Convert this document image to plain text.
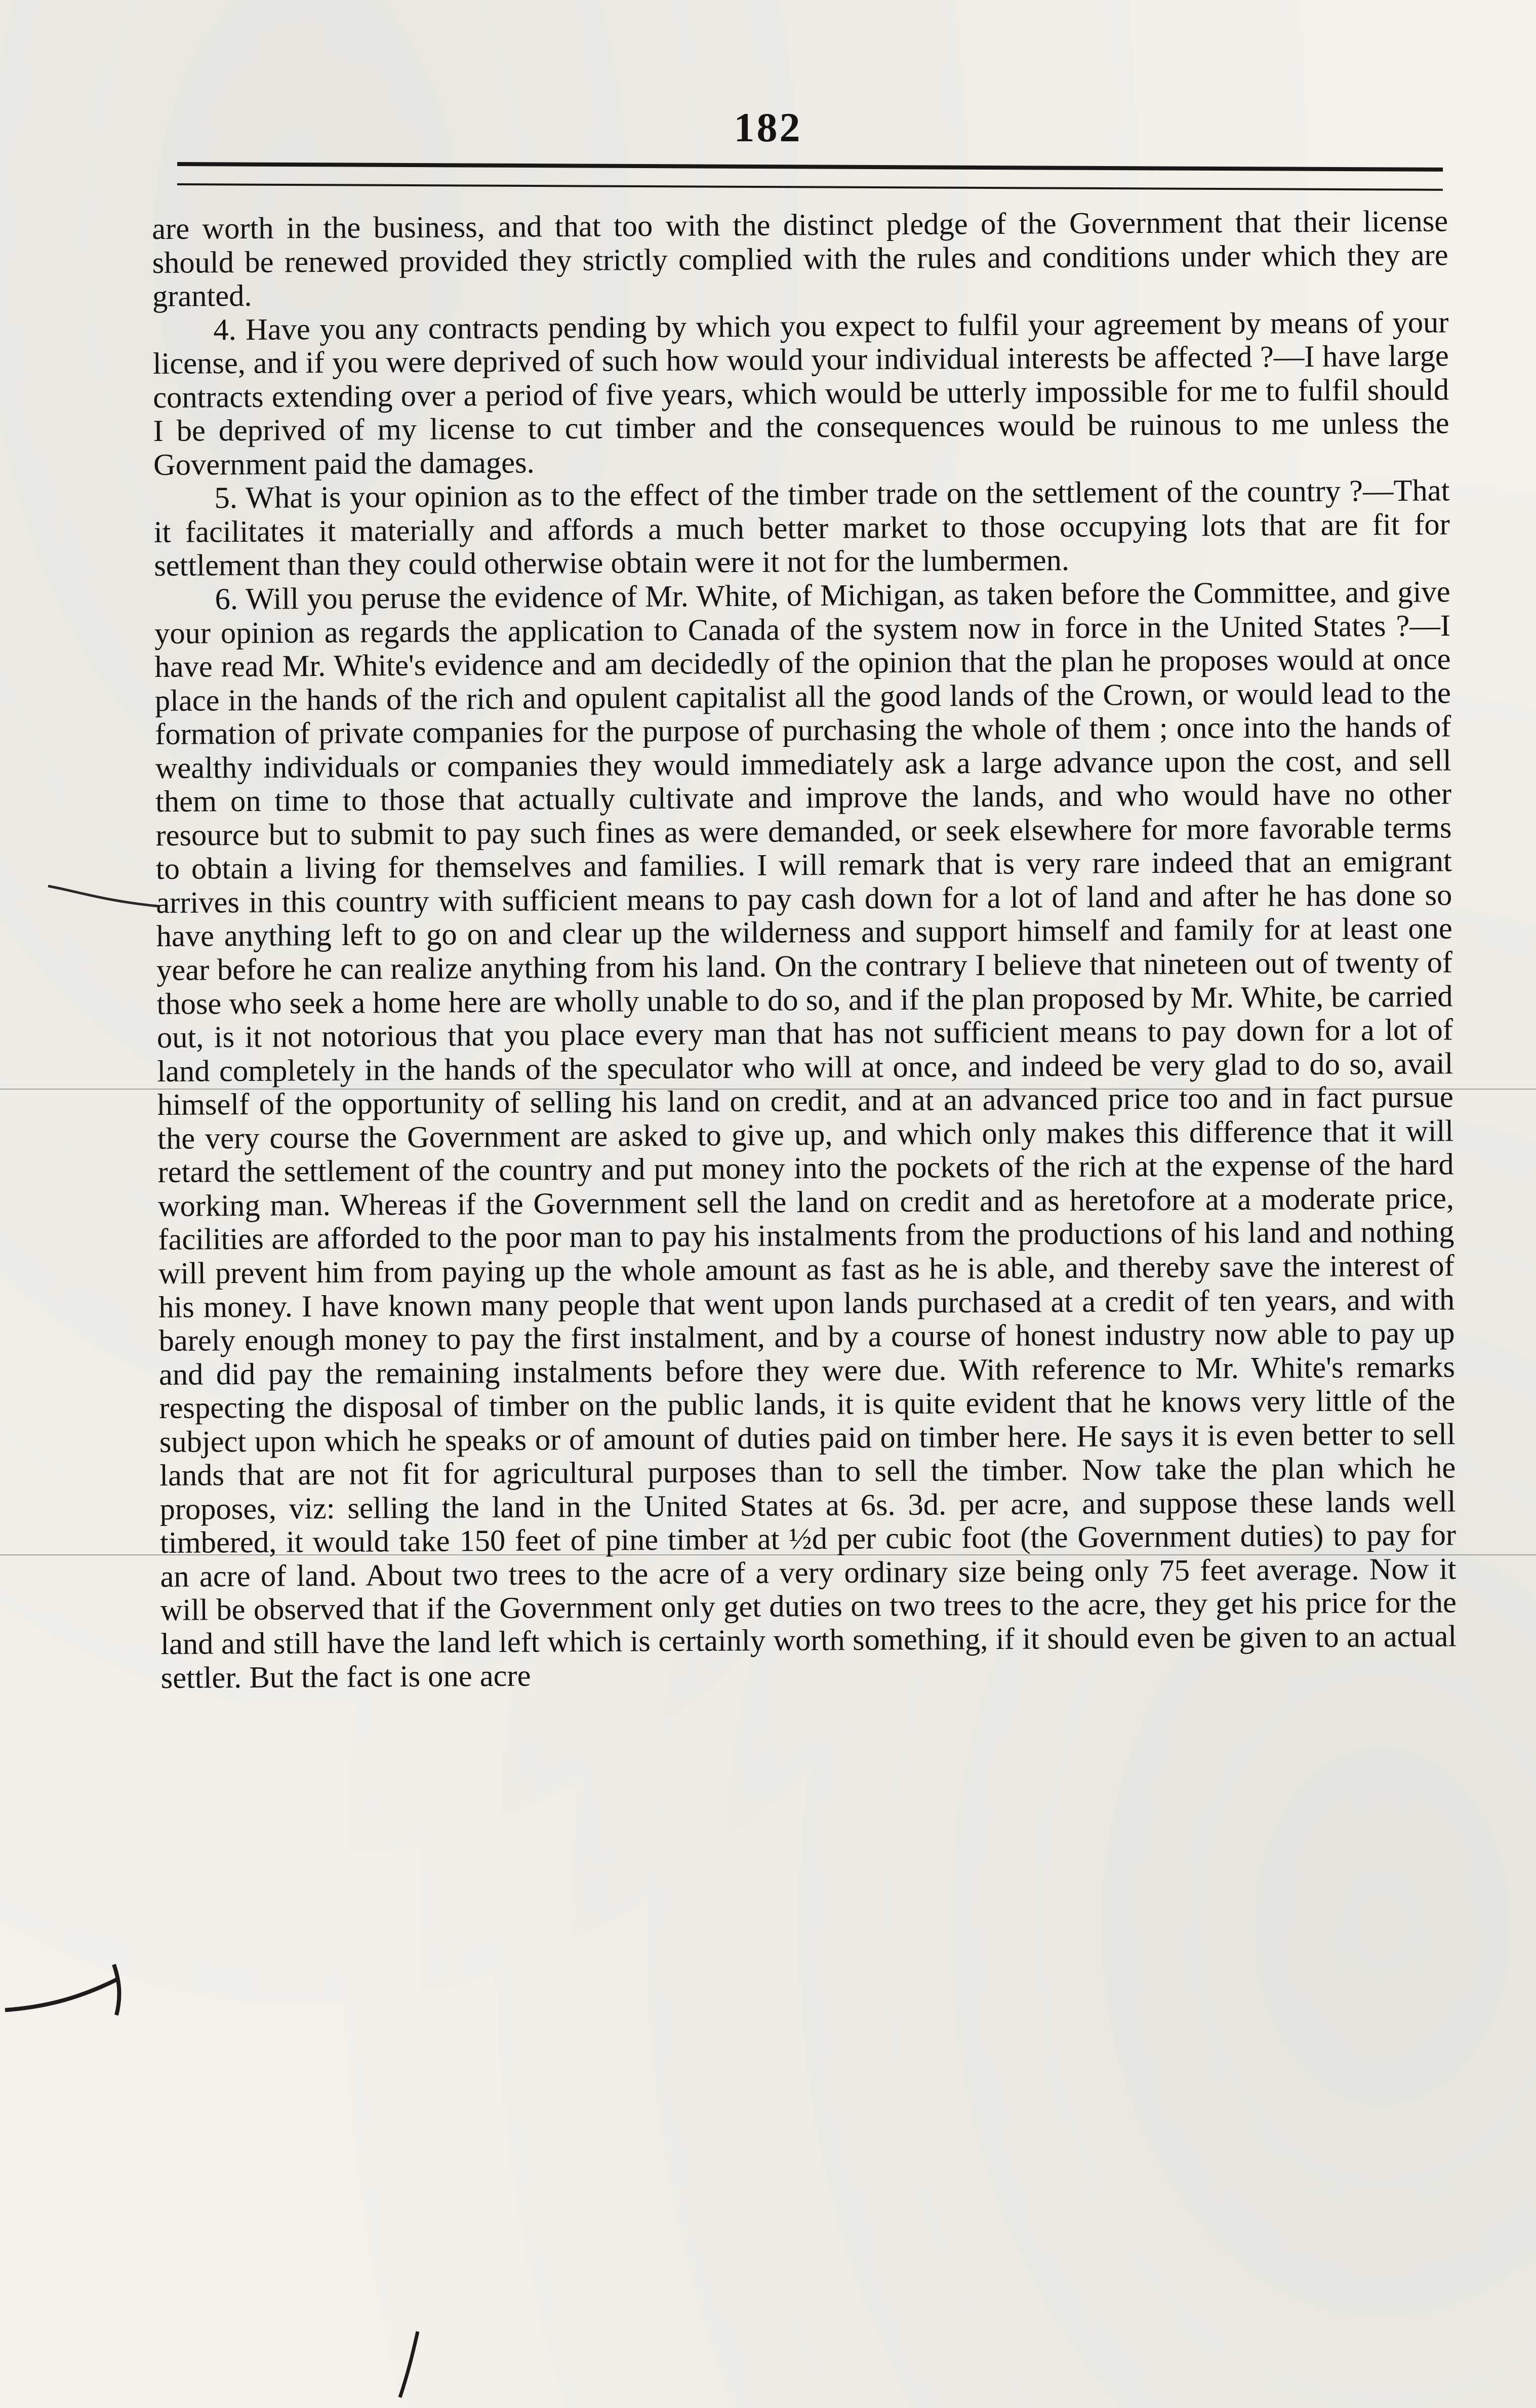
182

are worth in the business, and that too with the distinct pledge of the Government that their license should be renewed provided they strictly complied with the rules and conditions under which they are granted.

4. Have you any contracts pending by which you expect to fulfil your agreement by means of your license, and if you were deprived of such how would your individual interests be affected ?—I have large contracts extending over a period of five years, which would be utterly impossible for me to fulfil should I be deprived of my license to cut timber and the consequences would be ruinous to me unless the Government paid the damages.

5. What is your opinion as to the effect of the timber trade on the settlement of the country ?—That it facilitates it materially and affords a much better market to those occupying lots that are fit for settlement than they could otherwise obtain were it not for the lumbermen.

6. Will you peruse the evidence of Mr. White, of Michigan, as taken before the Committee, and give your opinion as regards the application to Canada of the system now in force in the United States ?—I have read Mr. White's evidence and am decidedly of the opinion that the plan he proposes would at once place in the hands of the rich and opulent capitalist all the good lands of the Crown, or would lead to the formation of private companies for the purpose of purchasing the whole of them ; once into the hands of wealthy individuals or companies they would immediately ask a large advance upon the cost, and sell them on time to those that actually cultivate and improve the lands, and who would have no other resource but to submit to pay such fines as were demanded, or seek elsewhere for more favorable terms to obtain a living for themselves and families. I will remark that is very rare indeed that an emigrant arrives in this country with sufficient means to pay cash down for a lot of land and after he has done so have anything left to go on and clear up the wilderness and support himself and family for at least one year before he can realize anything from his land. On the contrary I believe that nineteen out of twenty of those who seek a home here are wholly unable to do so, and if the plan proposed by Mr. White, be carried out, is it not notorious that you place every man that has not sufficient means to pay down for a lot of land completely in the hands of the speculator who will at once, and indeed be very glad to do so, avail himself of the opportunity of selling his land on credit, and at an advanced price too and in fact pursue the very course the Government are asked to give up, and which only makes this difference that it will retard the settlement of the country and put money into the pockets of the rich at the expense of the hard working man. Whereas if the Government sell the land on credit and as heretofore at a moderate price, facilities are afforded to the poor man to pay his instalments from the productions of his land and nothing will prevent him from paying up the whole amount as fast as he is able, and thereby save the interest of his money. I have known many people that went upon lands purchased at a credit of ten years, and with barely enough money to pay the first instalment, and by a course of honest industry now able to pay up and did pay the remaining instalments before they were due. With reference to Mr. White's remarks respecting the disposal of timber on the public lands, it is quite evident that he knows very little of the subject upon which he speaks or of amount of duties paid on timber here. He says it is even better to sell lands that are not fit for agricultural purposes than to sell the timber. Now take the plan which he proposes, viz: selling the land in the United States at 6s. 3d. per acre, and suppose these lands well timbered, it would take 150 feet of pine timber at ½d per cubic foot (the Government duties) to pay for an acre of land. About two trees to the acre of a very ordinary size being only 75 feet average. Now it will be observed that if the Government only get duties on two trees to the acre, they get his price for the land and still have the land left which is certainly worth something, if it should even be given to an actual settler. But the fact is one acre
